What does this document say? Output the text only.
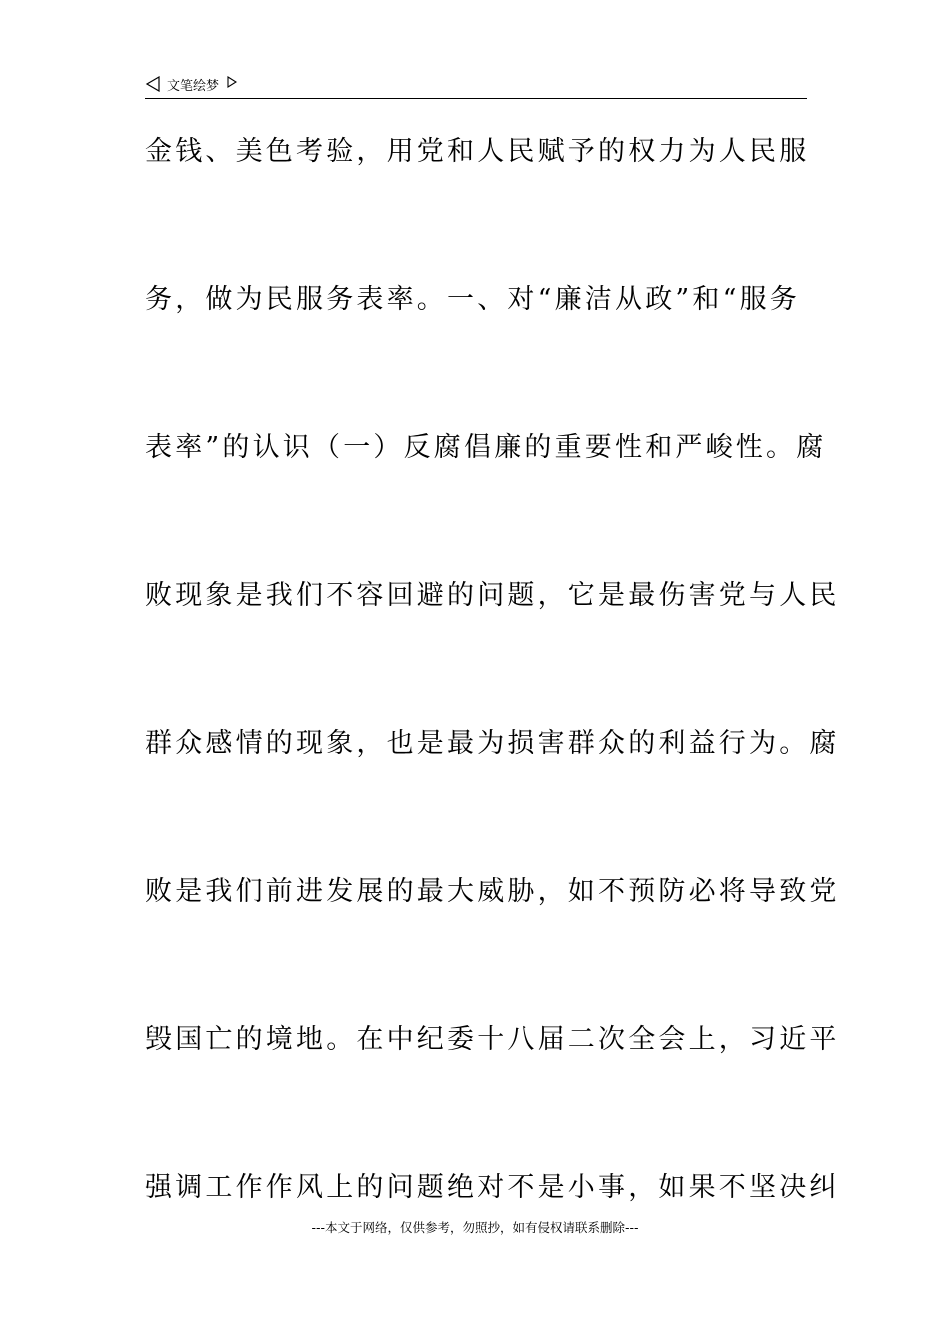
文笔绘梦
金钱、美色考验，用党和人民赋予的权力为人民服
务，做为民服务表率。一、对“廉洁从政”和“服务
表率”的认识（一）反腐倡廉的重要性和严峻性。腐
败现象是我们不容回避的问题，它是最伤害党与人民
群众感情的现象，也是最为损害群众的利益行为。腐
败是我们前进发展的最大威胁，如不预防必将导致党
毁国亡的境地。在中纪委十八届二次全会上，习近平
强调工作作风上的问题绝对不是小事，如果不坚决纠
---本文于网络，仅供参考，勿照抄，如有侵权请联系删除---
